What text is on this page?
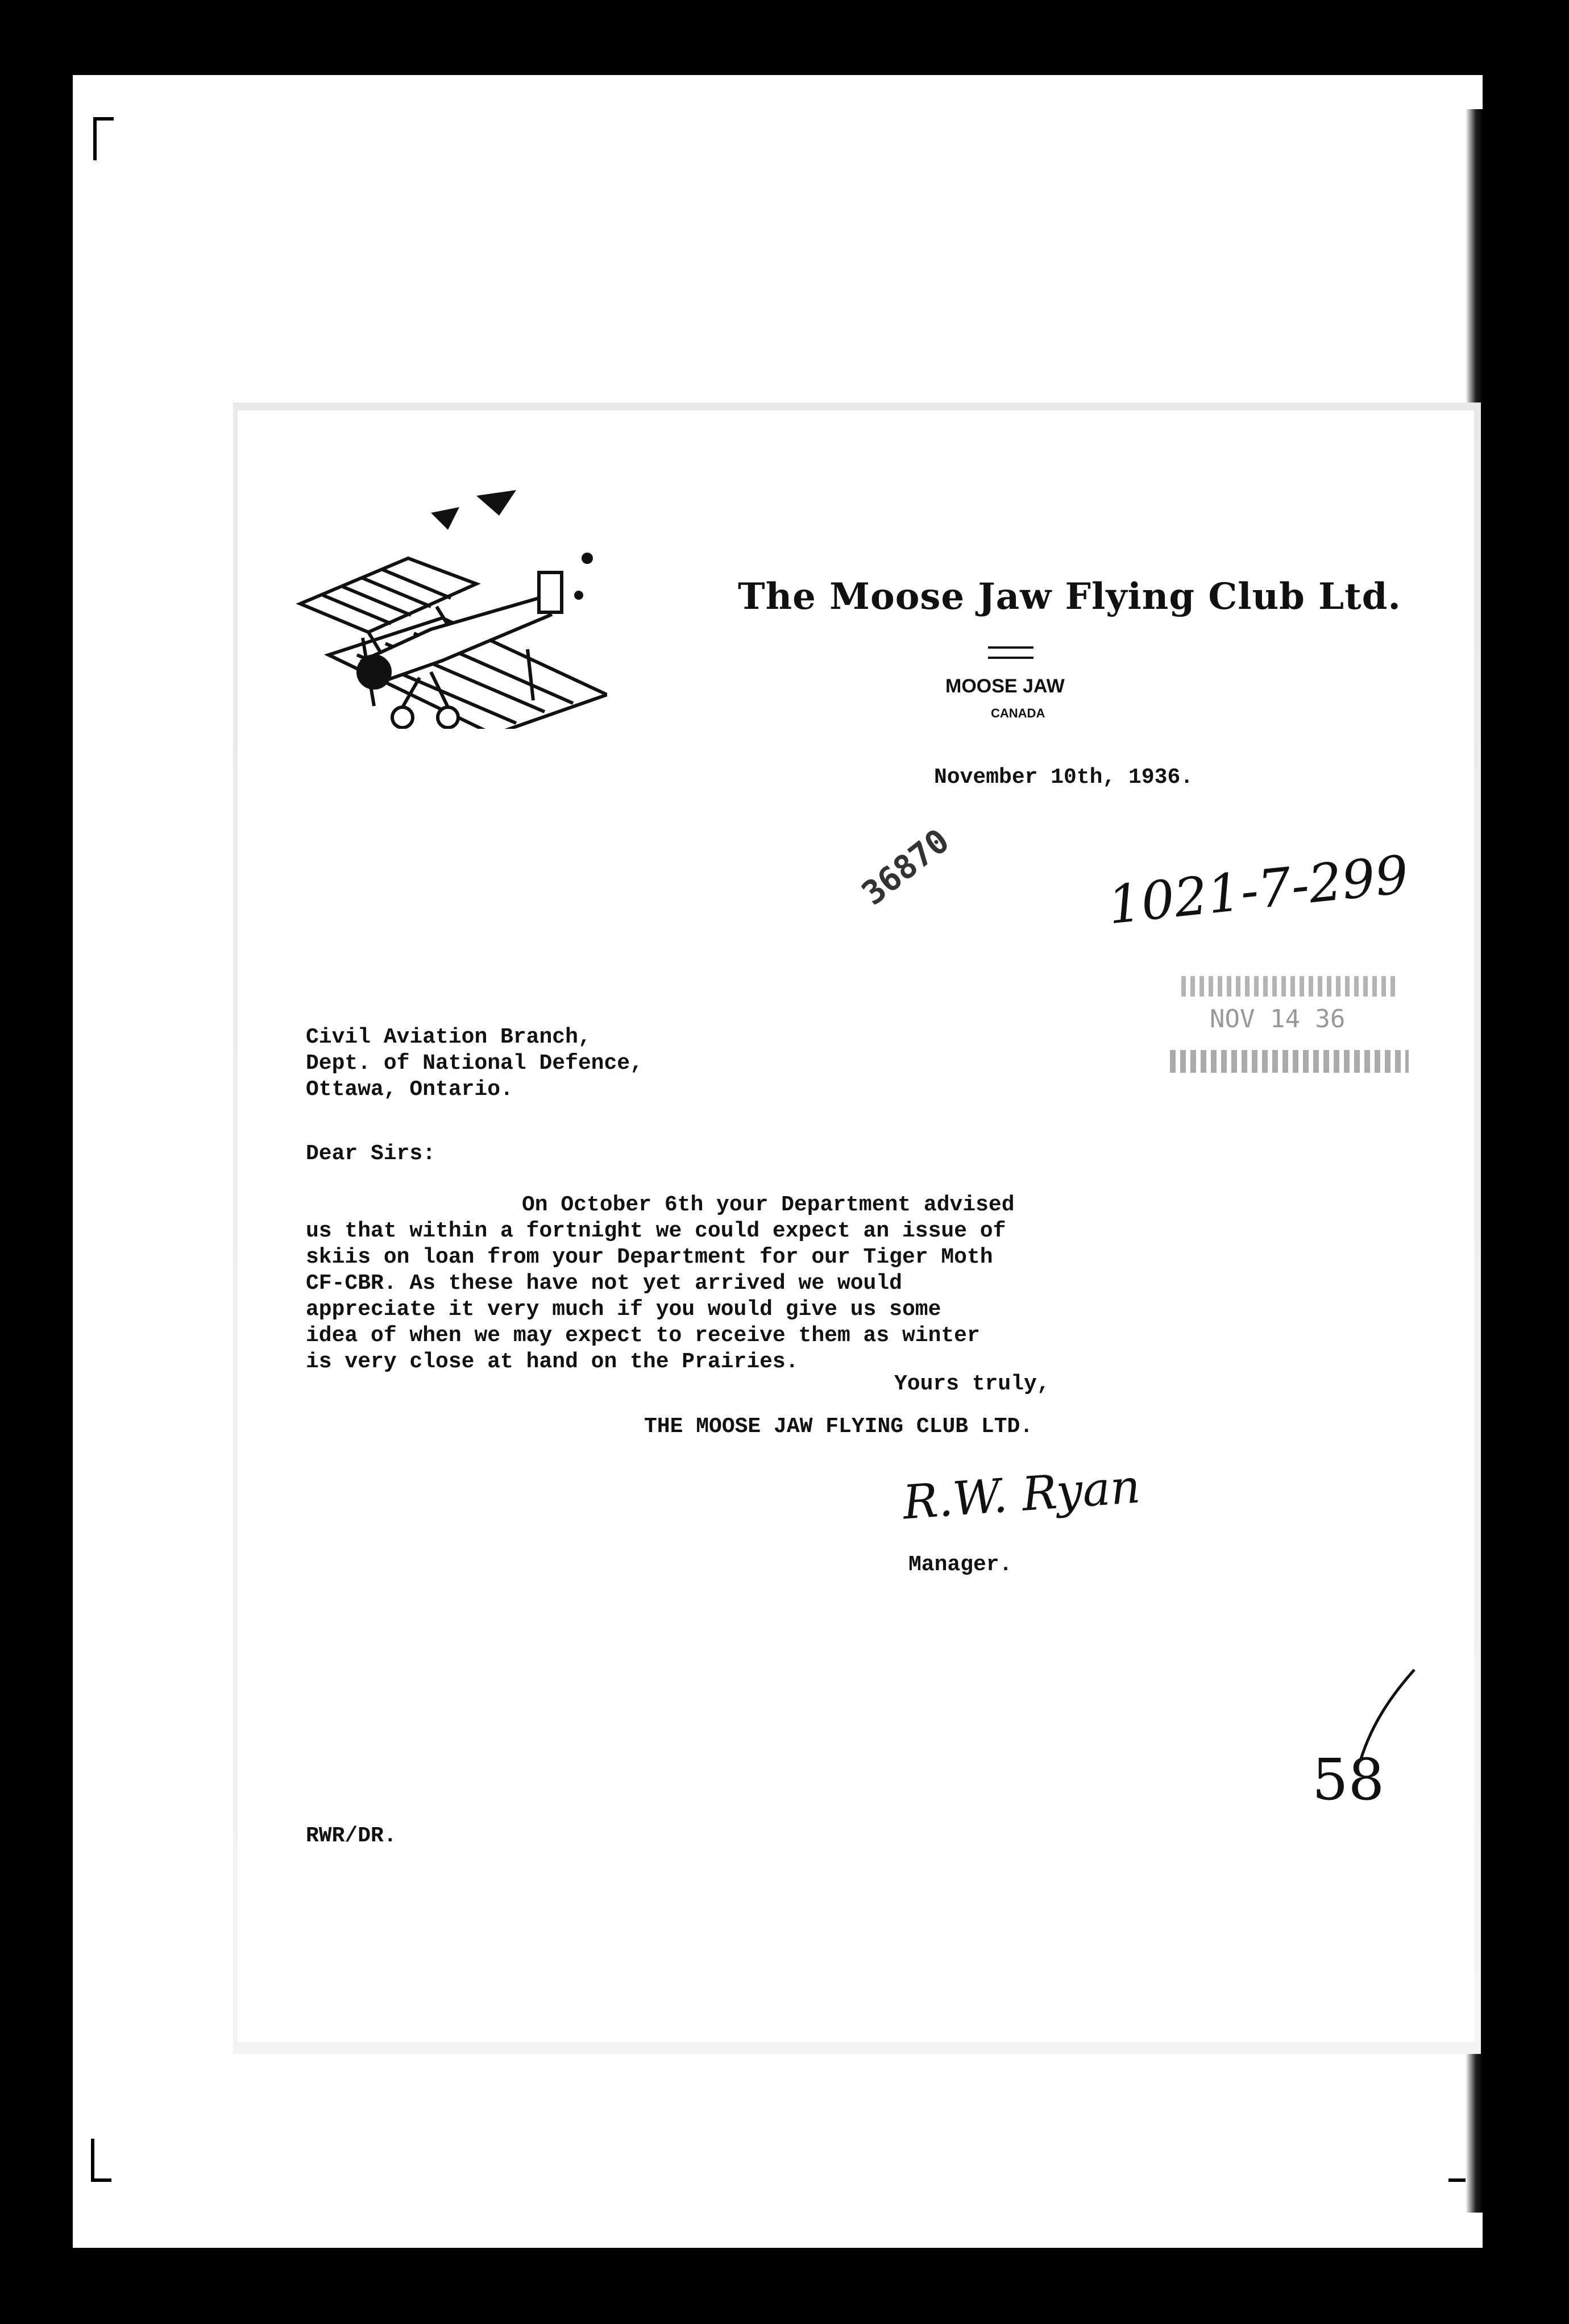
The Moose Jaw Flying Club Ltd.
MOOSE JAW
CANADA
November 10th, 1936.
36870	1021-7-299
NOV 14 36
Civil Aviation Branch,
Dept. of National Defence,
Ottawa, Ontario.
Dear Sirs:
On October 6th your Department advised
us that within a fortnight we could expect an issue of
skiis on loan from your Department for our Tiger Moth
CF-CBR. As these have not yet arrived we would
appreciate it very much if you would give us some
idea of when we may expect to receive them as winter
is very close at hand on the Prairies.
Yours truly,
THE MOOSE JAW FLYING CLUB LTD.
R.W. Ryan
Manager.
58
RWR/DR.
